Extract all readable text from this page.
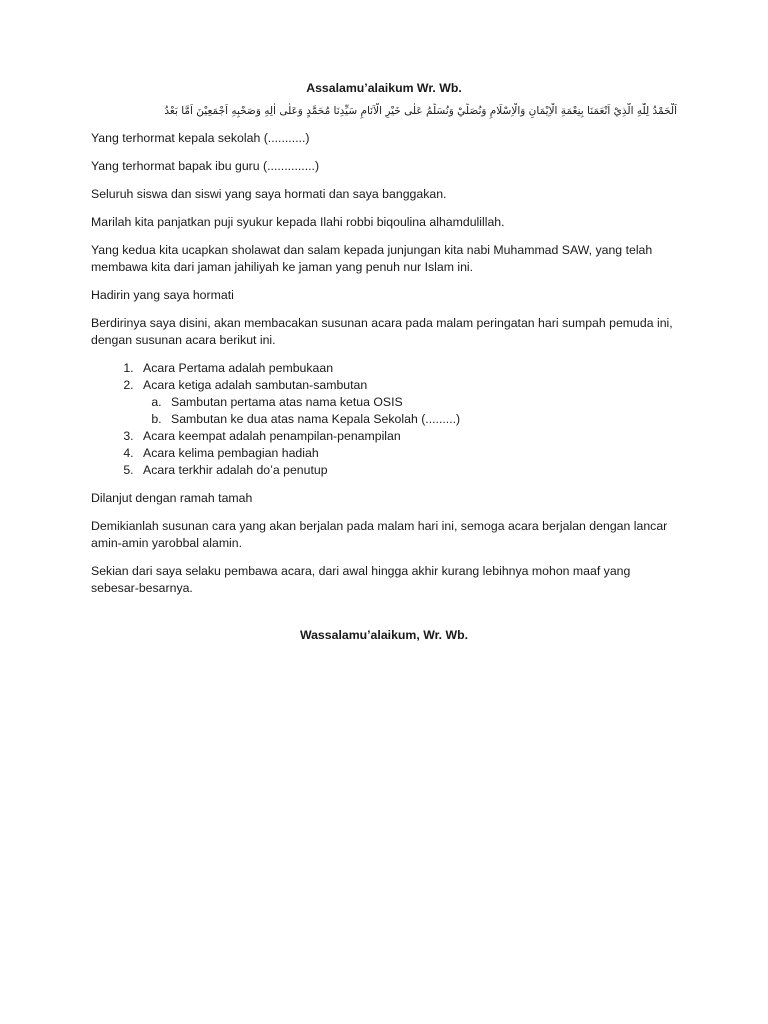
Assalamu’alaikum Wr. Wb.

اَلْحَمْدُ لِلّٰهِ الَّذِيْ اَنْعَمَنَا بِنِعْمَةِ الْاِيْمَانِ وَالْاِسْلَامِ وَنُصَلِّيْ وَنُسَلِّمُ عَلٰى خَيْرِ الْاَنَامِ سَيِّدِنَا مُحَمَّدٍ وَعَلٰى اٰلِهِ وَصَحْبِهِ اَجْمَعِيْنَ اَمَّا بَعْدُ

Yang terhormat kepala sekolah (...........)

Yang terhormat bapak ibu guru (..............)

Seluruh siswa dan siswi yang saya hormati dan saya banggakan.

Marilah kita panjatkan puji syukur kepada Ilahi robbi biqoulina alhamdulillah.

Yang kedua kita ucapkan sholawat dan salam kepada junjungan kita nabi Muhammad SAW, yang telah membawa kita dari jaman jahiliyah ke jaman yang penuh nur Islam ini.

Hadirin yang saya hormati

Berdirinya saya disini, akan membacakan susunan acara pada malam peringatan hari sumpah pemuda ini, dengan susunan acara berikut ini.

1. Acara Pertama adalah pembukaan
2. Acara ketiga adalah sambutan-sambutan
a. Sambutan pertama atas nama ketua OSIS
b. Sambutan ke dua atas nama Kepala Sekolah (.........)
3. Acara keempat adalah penampilan-penampilan
4. Acara kelima pembagian hadiah
5. Acara terkhir adalah do’a penutup

Dilanjut dengan ramah tamah

Demikianlah susunan cara yang akan berjalan pada malam hari ini, semoga acara berjalan dengan lancar amin-amin yarobbal alamin.

Sekian dari saya selaku pembawa acara, dari awal hingga akhir kurang lebihnya mohon maaf yang sebesar-besarnya.

Wassalamu’alaikum, Wr. Wb.
